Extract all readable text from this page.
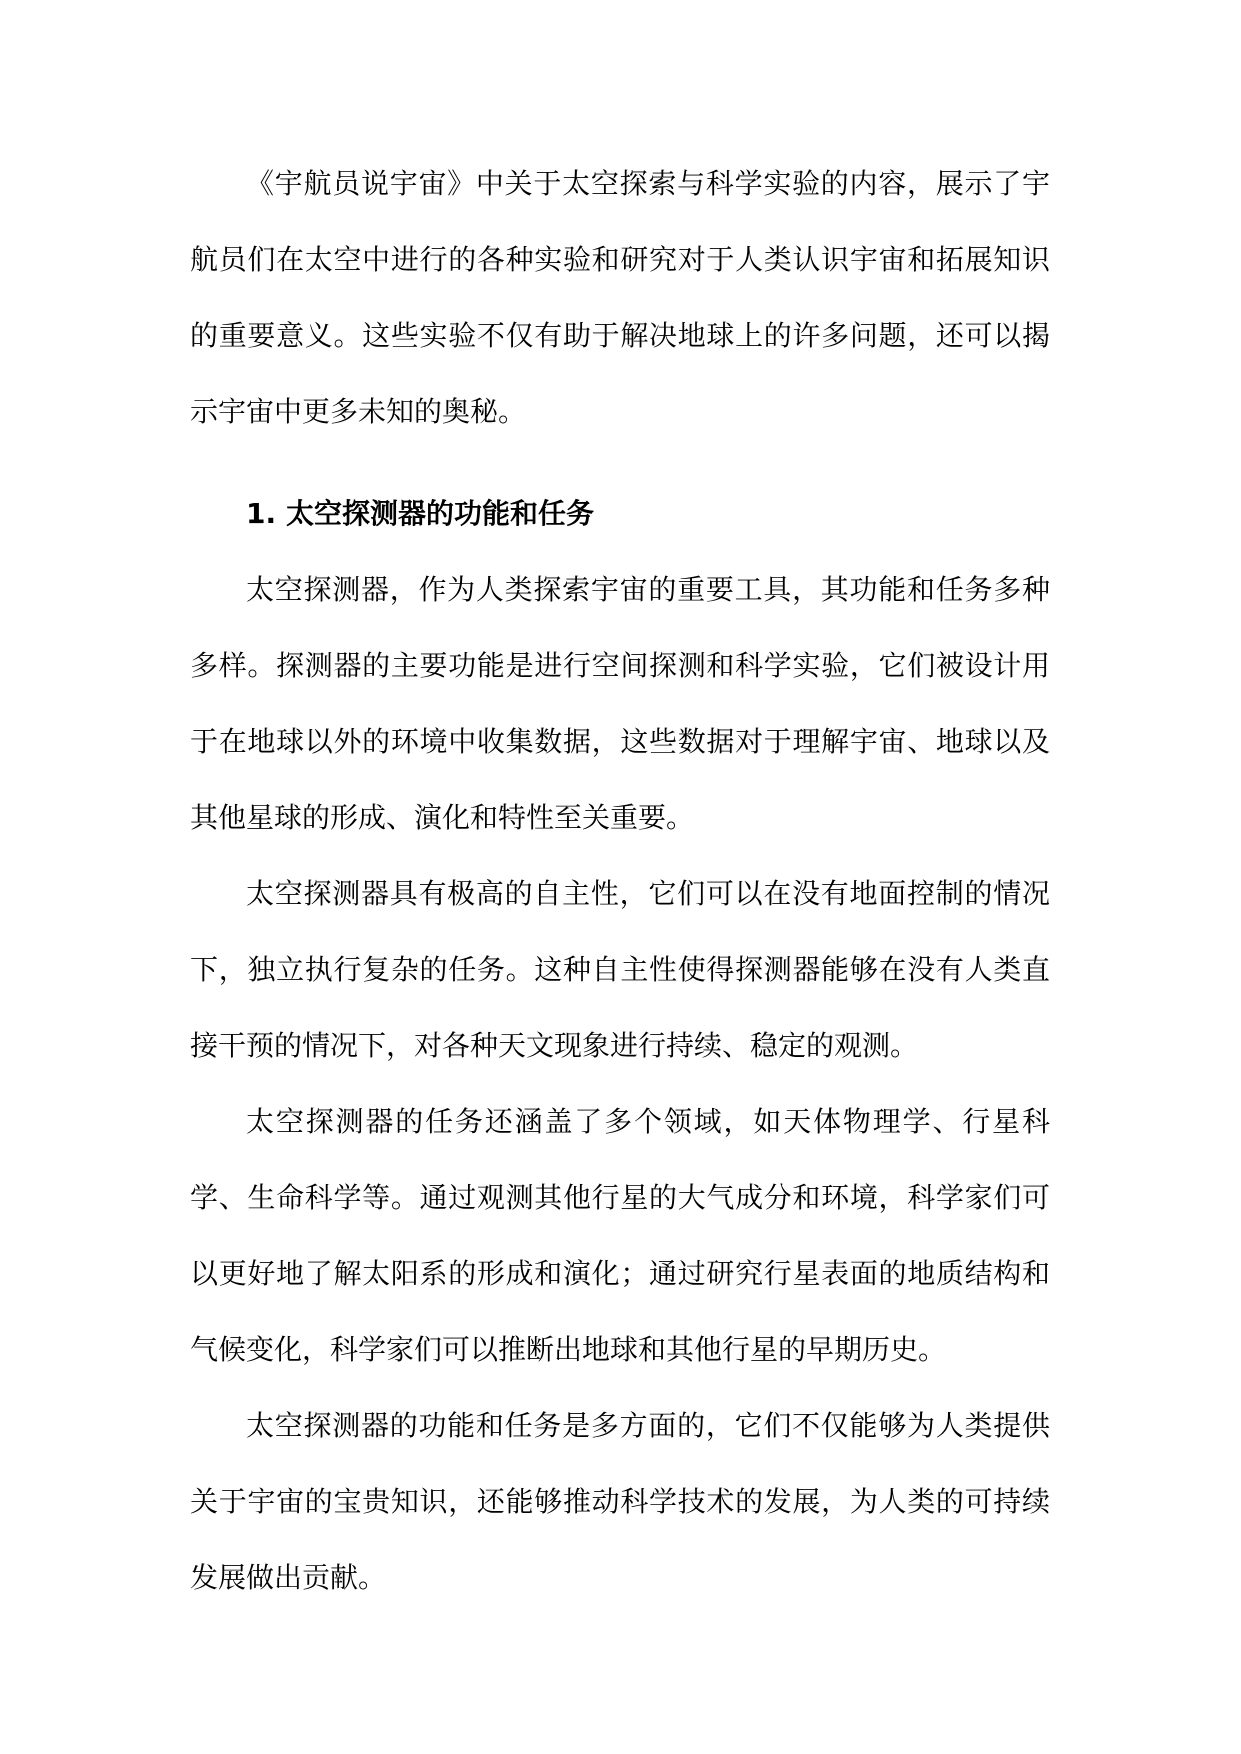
《宇航员说宇宙》中关于太空探索与科学实验的内容，展示了宇航员们在太空中进行的各种实验和研究对于人类认识宇宙和拓展知识的重要意义。这些实验不仅有助于解决地球上的许多问题，还可以揭示宇宙中更多未知的奥秘。

1. 太空探测器的功能和任务

太空探测器，作为人类探索宇宙的重要工具，其功能和任务多种多样。探测器的主要功能是进行空间探测和科学实验，它们被设计用于在地球以外的环境中收集数据，这些数据对于理解宇宙、地球以及其他星球的形成、演化和特性至关重要。

太空探测器具有极高的自主性，它们可以在没有地面控制的情况下，独立执行复杂的任务。这种自主性使得探测器能够在没有人类直接干预的情况下，对各种天文现象进行持续、稳定的观测。

太空探测器的任务还涵盖了多个领域，如天体物理学、行星科学、生命科学等。通过观测其他行星的大气成分和环境，科学家们可以更好地了解太阳系的形成和演化；通过研究行星表面的地质结构和气候变化，科学家们可以推断出地球和其他行星的早期历史。

太空探测器的功能和任务是多方面的，它们不仅能够为人类提供关于宇宙的宝贵知识，还能够推动科学技术的发展，为人类的可持续发展做出贡献。
